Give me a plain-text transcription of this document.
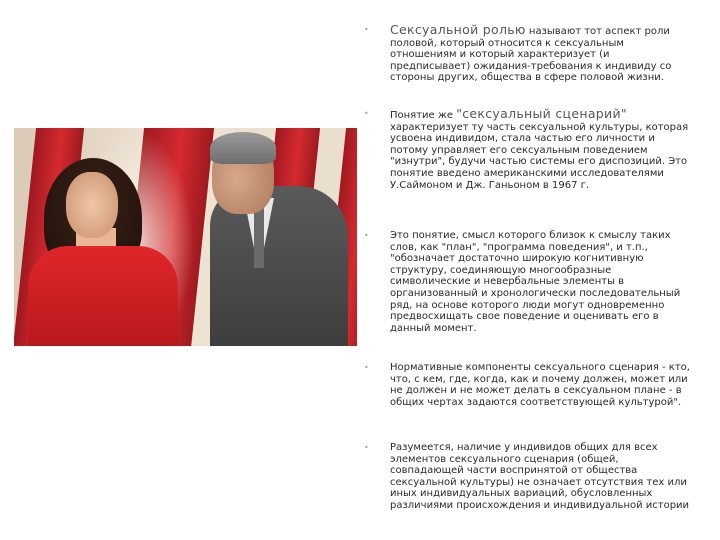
• Сексуальной ролью называют тот аспект роли половой, который относится к сексуальным отношениям и который характеризует (и предписывает) ожидания-требования к индивиду со стороны других, общества в сфере половой жизни.
• Понятие же "сексуальный сценарий" характеризует ту часть сексуальной культуры, которая усвоена индивидом, стала частью его личности и потому управляет его сексуальным поведением "изнутри", будучи частью системы его диспозиций. Это понятие введено американскими исследователями У.Саймоном и Дж. Ганьоном в 1967 г.
• Это понятие, смысл которого близок к смыслу таких слов, как "план", "программа поведения", и т.п., "обозначает достаточно широкую когнитивную структуру, соединяющую многообразные символические и невербальные элементы в организованный и хронологически последовательный ряд, на основе которого люди могут одновременно предвосхищать свое поведение и оценивать его в данный момент.
• Нормативные компоненты сексуального сценария - кто, что, с кем, где, когда, как и почему должен, может или не должен и не может делать в сексуальном плане - в общих чертах задаются соответствующей культурой".
• Разумеется, наличие у индивидов общих для всех элементов сексуального сценария (общей, совпадающей части воспринятой от общества сексуальной культуры) не означает отсутствия тех или иных индивидуальных вариаций, обусловленных различиями происхождения и индивидуальной истории
